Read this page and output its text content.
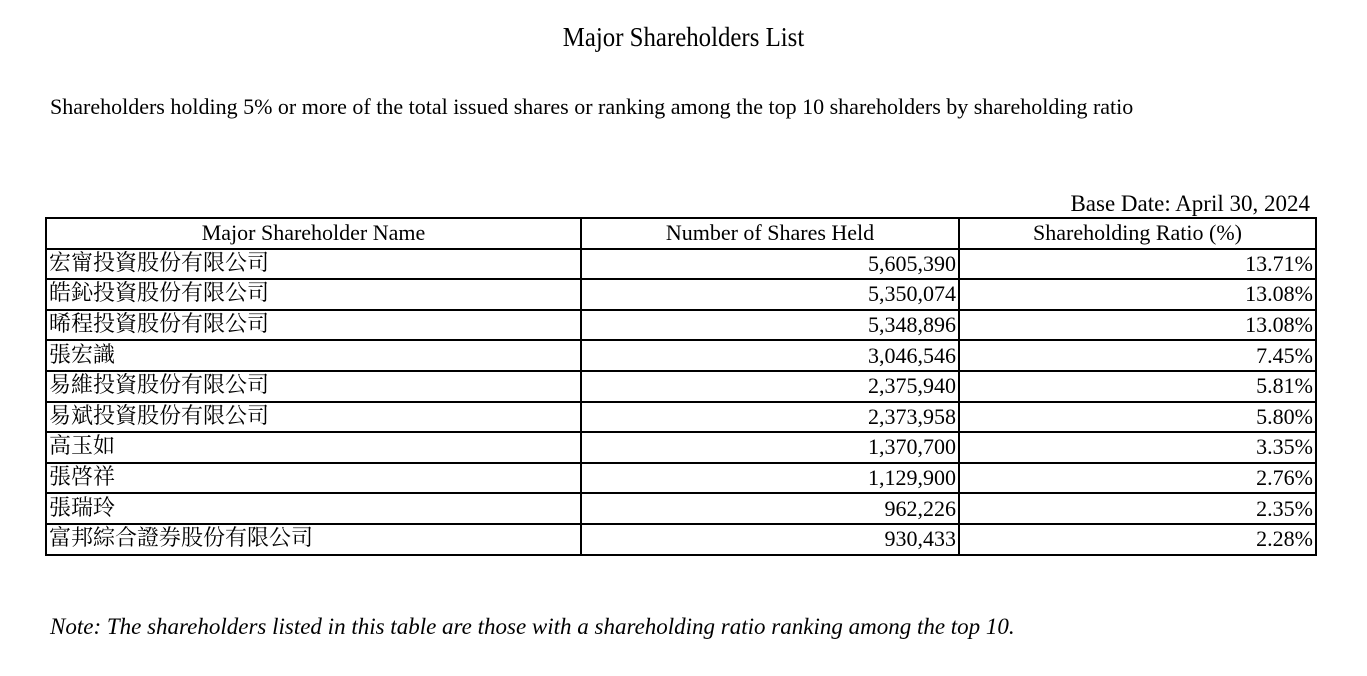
Major Shareholders List
Shareholders holding 5% or more of the total issued shares or ranking among the top 10 shareholders by shareholding ratio
Base Date: April 30, 2024
Major Shareholder Name	Number of Shares Held	Shareholding Ratio (%)
宏甯投資股份有限公司	5,605,390	13.71%
皓鈊投資股份有限公司	5,350,074	13.08%
晞程投資股份有限公司	5,348,896	13.08%
張宏識	3,046,546	7.45%
易維投資股份有限公司	2,375,940	5.81%
易斌投資股份有限公司	2,373,958	5.80%
高玉如	1,370,700	3.35%
張啓祥	1,129,900	2.76%
張瑞玲	962,226	2.35%
富邦綜合證券股份有限公司	930,433	2.28%
Note: The shareholders listed in this table are those with a shareholding ratio ranking among the top 10.
